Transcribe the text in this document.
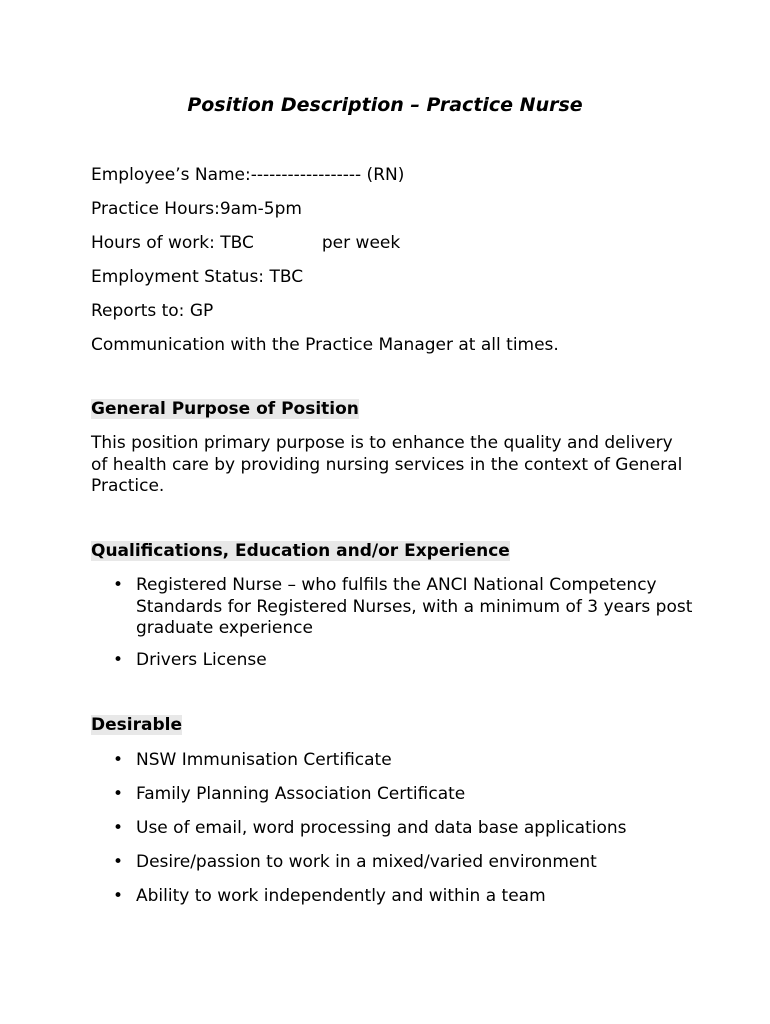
Position Description – Practice Nurse
Employee’s Name:------------------ (RN)
Practice Hours:9am-5pm
Hours of work: TBC	per week
Employment Status: TBC
Reports to: GP
Communication with the Practice Manager at all times.
General Purpose of Position
This position primary purpose is to enhance the quality and delivery of health care by providing nursing services in the context of General Practice.
Qualifications, Education and/or Experience
• Registered Nurse – who fulfils the ANCI National Competency Standards for Registered Nurses, with a minimum of 3 years post graduate experience
• Drivers License
Desirable
• NSW Immunisation Certificate
• Family Planning Association Certificate
• Use of email, word processing and data base applications
• Desire/passion to work in a mixed/varied environment
• Ability to work independently and within a team
